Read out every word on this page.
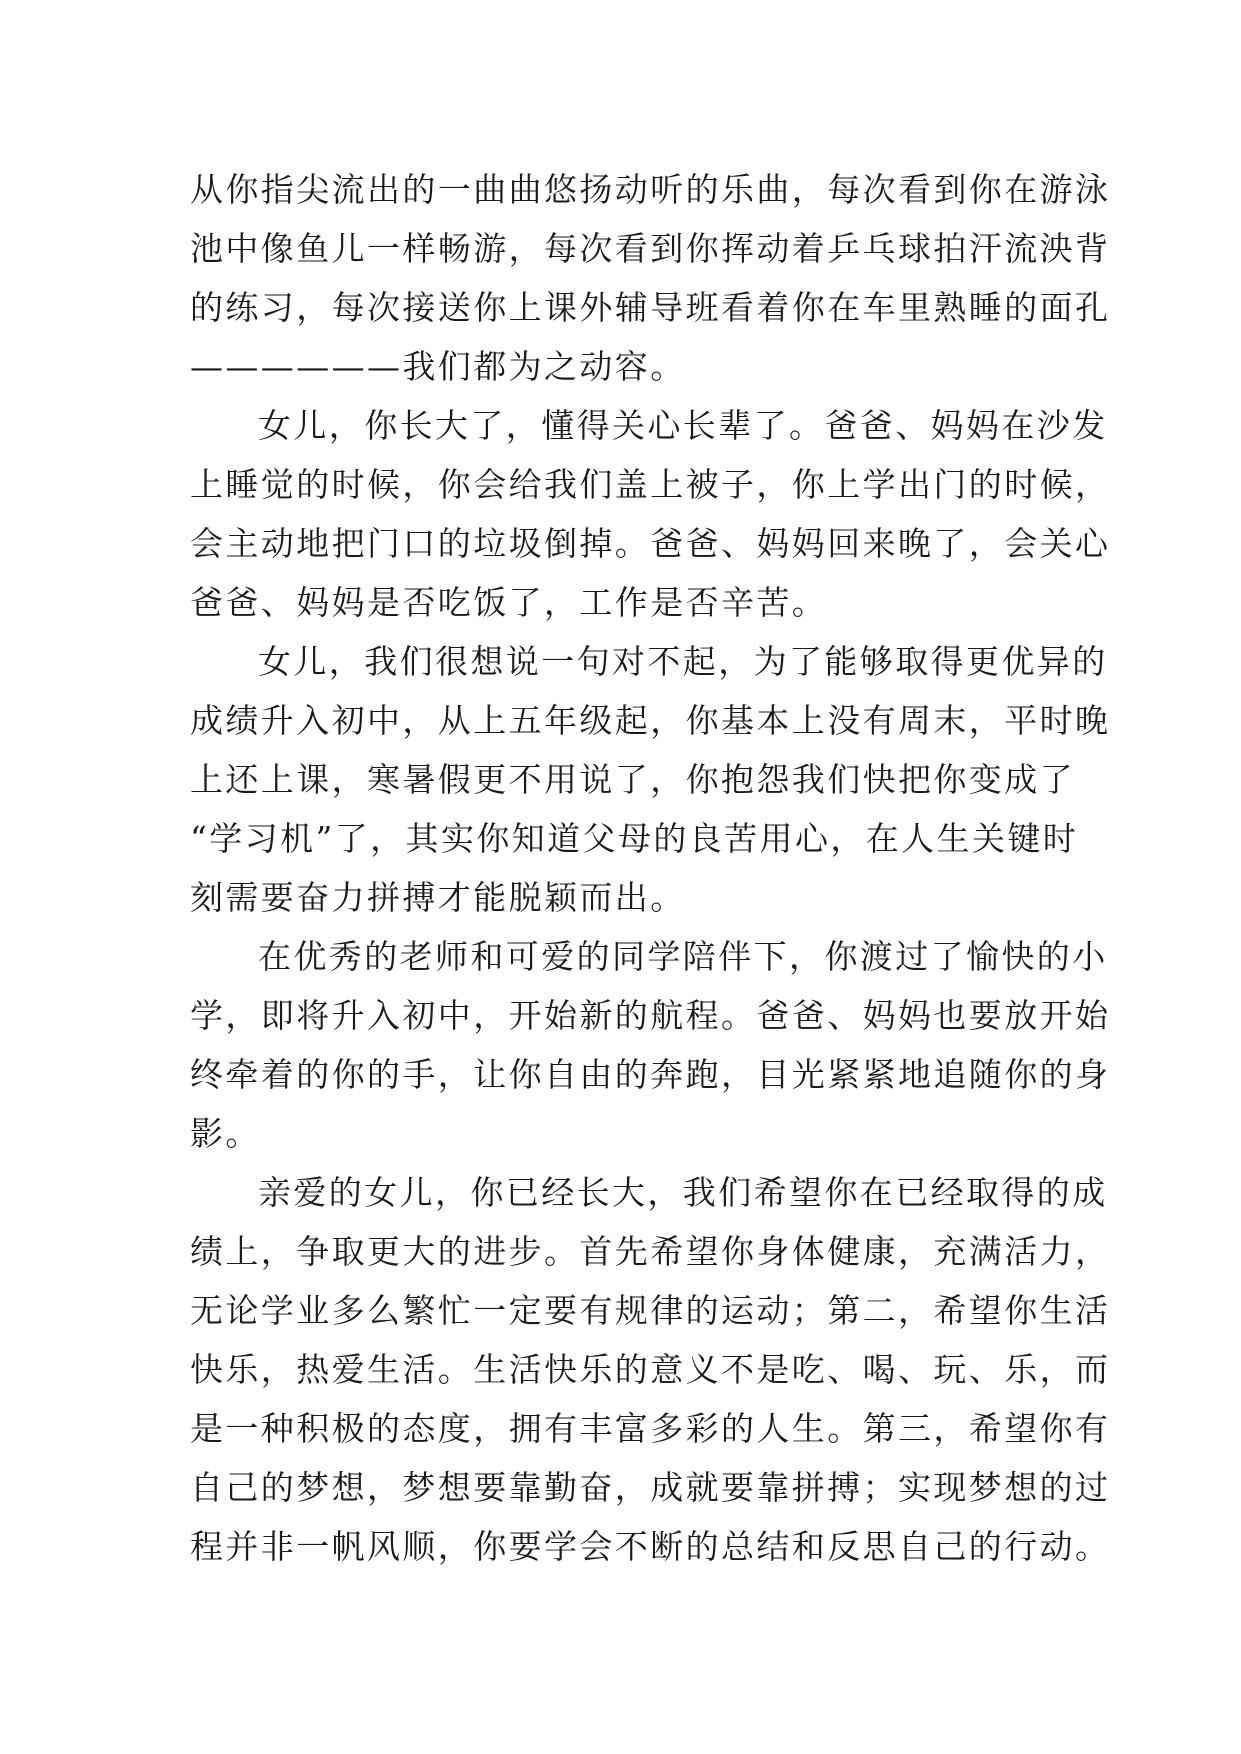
从你指尖流出的一曲曲悠扬动听的乐曲，每次看到你在游泳
池中像鱼儿一样畅游，每次看到你挥动着乒乓球拍汗流泱背
的练习，每次接送你上课外辅导班看着你在车里熟睡的面孔
——————我们都为之动容。
女儿，你长大了，懂得关心长辈了。爸爸、妈妈在沙发
上睡觉的时候，你会给我们盖上被子，你上学出门的时候，
会主动地把门口的垃圾倒掉。爸爸、妈妈回来晚了，会关心
爸爸、妈妈是否吃饭了，工作是否辛苦。
女儿，我们很想说一句对不起，为了能够取得更优异的
成绩升入初中，从上五年级起，你基本上没有周末，平时晚
上还上课，寒暑假更不用说了，你抱怨我们快把你变成了
“学习机”了，其实你知道父母的良苦用心，在人生关键时
刻需要奋力拼搏才能脱颖而出。
在优秀的老师和可爱的同学陪伴下，你渡过了愉快的小
学，即将升入初中，开始新的航程。爸爸、妈妈也要放开始
终牵着的你的手，让你自由的奔跑，目光紧紧地追随你的身
影。
亲爱的女儿，你已经长大，我们希望你在已经取得的成
绩上，争取更大的进步。首先希望你身体健康，充满活力，
无论学业多么繁忙一定要有规律的运动；第二，希望你生活
快乐，热爱生活。生活快乐的意义不是吃、喝、玩、乐，而
是一种积极的态度，拥有丰富多彩的人生。第三，希望你有
自己的梦想，梦想要靠勤奋，成就要靠拼搏；实现梦想的过
程并非一帆风顺，你要学会不断的总结和反思自己的行动。
